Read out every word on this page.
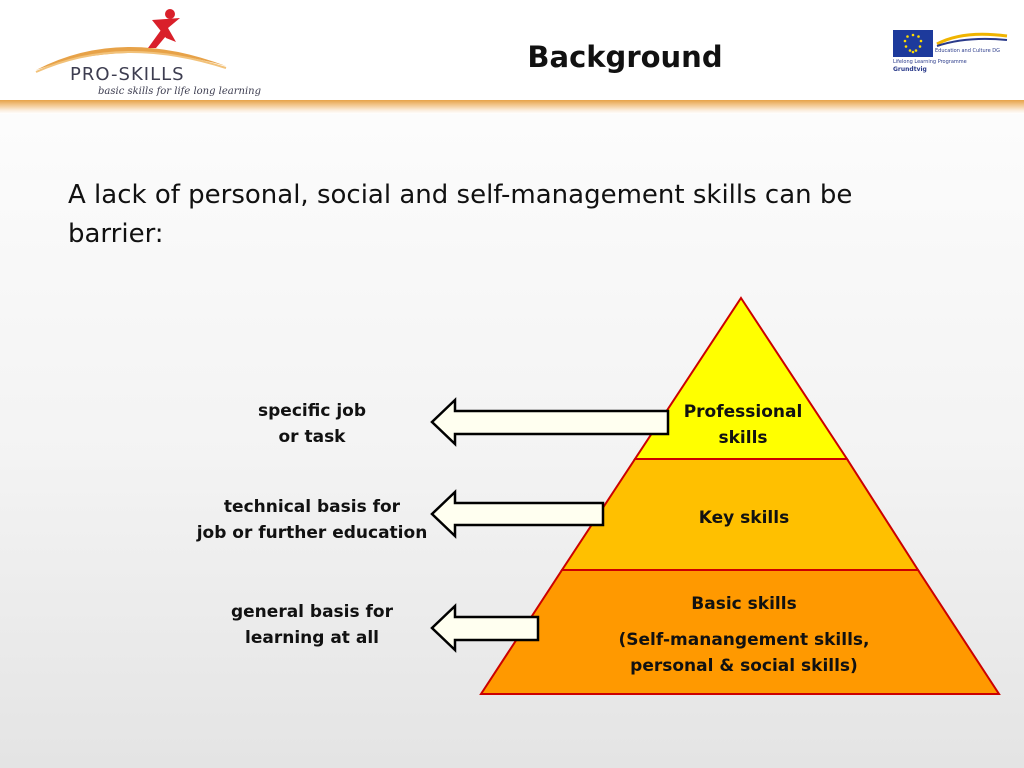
PRO-SKILLS
basic skills for life long learning
Background	Education and Culture DG
Lifelong Learning Programme
Grundtvig
A lack of personal, social and self-management skills can be barrier:
Professional
skills
Key skills
Basic skills
(Self-manangement skills,
personal & social skills)
specific job
or task
technical basis for
job or further education
general basis for
learning at all
